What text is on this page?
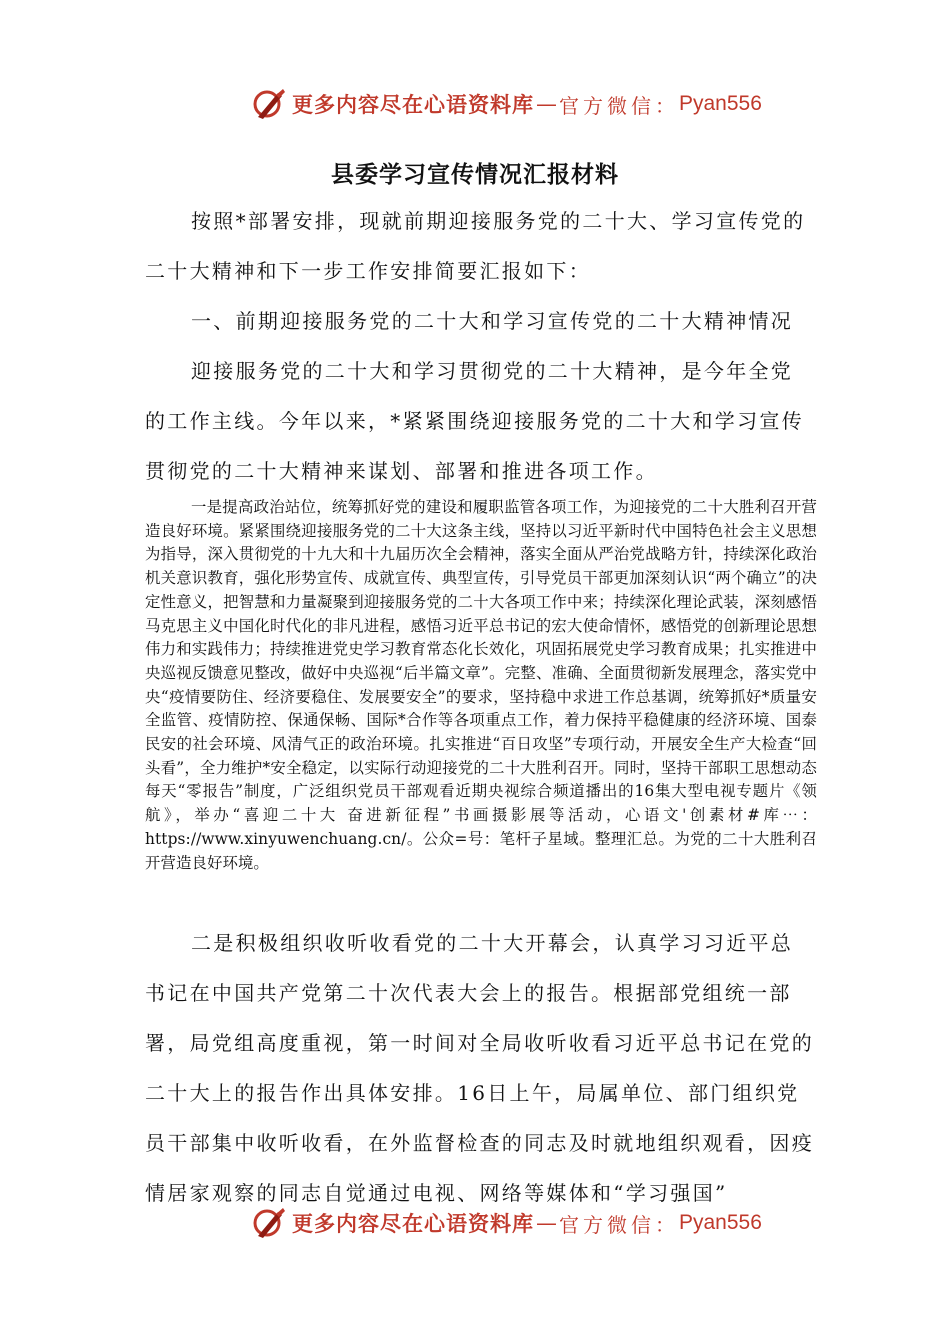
更多内容尽在心语资料库 — 官方微信： Pyan556
县委学习宣传情况汇报材料

按照*部署安排，现就前期迎接服务党的二十大、学习宣传党的二十大精神和下一步工作安排简要汇报如下：

一、前期迎接服务党的二十大和学习宣传党的二十大精神情况

迎接服务党的二十大和学习贯彻党的二十大精神，是今年全党的工作主线。今年以来，*紧紧围绕迎接服务党的二十大和学习宣传贯彻党的二十大精神来谋划、部署和推进各项工作。

一是提高政治站位，统筹抓好党的建设和履职监管各项工作，为迎接党的二十大胜利召开营造良好环境。紧紧围绕迎接服务党的二十大这条主线，坚持以习近平新时代中国特色社会主义思想为指导，深入贯彻党的十九大和十九届历次全会精神，落实全面从严治党战略方针，持续深化政治机关意识教育，强化形势宣传、成就宣传、典型宣传，引导党员干部更加深刻认识“两个确立”的决定性意义，把智慧和力量凝聚到迎接服务党的二十大各项工作中来；持续深化理论武装，深刻感悟马克思主义中国化时代化的非凡进程，感悟习近平总书记的宏大使命情怀，感悟党的创新理论思想伟力和实践伟力；持续推进党史学习教育常态化长效化，巩固拓展党史学习教育成果；扎实推进中央巡视反馈意见整改，做好中央巡视“后半篇文章”。完整、准确、全面贯彻新发展理念，落实党中央“疫情要防住、经济要稳住、发展要安全”的要求，坚持稳中求进工作总基调，统筹抓好*质量安全监管、疫情防控、保通保畅、国际*合作等各项重点工作，着力保持平稳健康的经济环境、国泰民安的社会环境、风清气正的政治环境。扎实推进“百日攻坚”专项行动，开展安全生产大检查“回头看”，全力维护*安全稳定，以实际行动迎接党的二十大胜利召开。同时，坚持干部职工思想动态每天“零报告”制度，广泛组织党员干部观看近期央视综合频道播出的16集大型电视专题片《领航》，举办“喜迎二十大 奋进新征程”书画摄影展等活动，心语文'创素材#库⋯：https://www.xinyuwenchuang.cn/。公众=号：笔杆子星域。整理汇总。为党的二十大胜利召开营造良好环境。

二是积极组织收听收看党的二十大开幕会，认真学习习近平总书记在中国共产党第二十次代表大会上的报告。根据部党组统一部署，局党组高度重视，第一时间对全局收听收看习近平总书记在党的二十大上的报告作出具体安排。16日上午，局属单位、部门组织党员干部集中收听收看，在外监督检查的同志及时就地组织观看，因疫情居家观察的同志自觉通过电视、网络等媒体和“学习强国”

更多内容尽在心语资料库 — 官方微信： Pyan556
